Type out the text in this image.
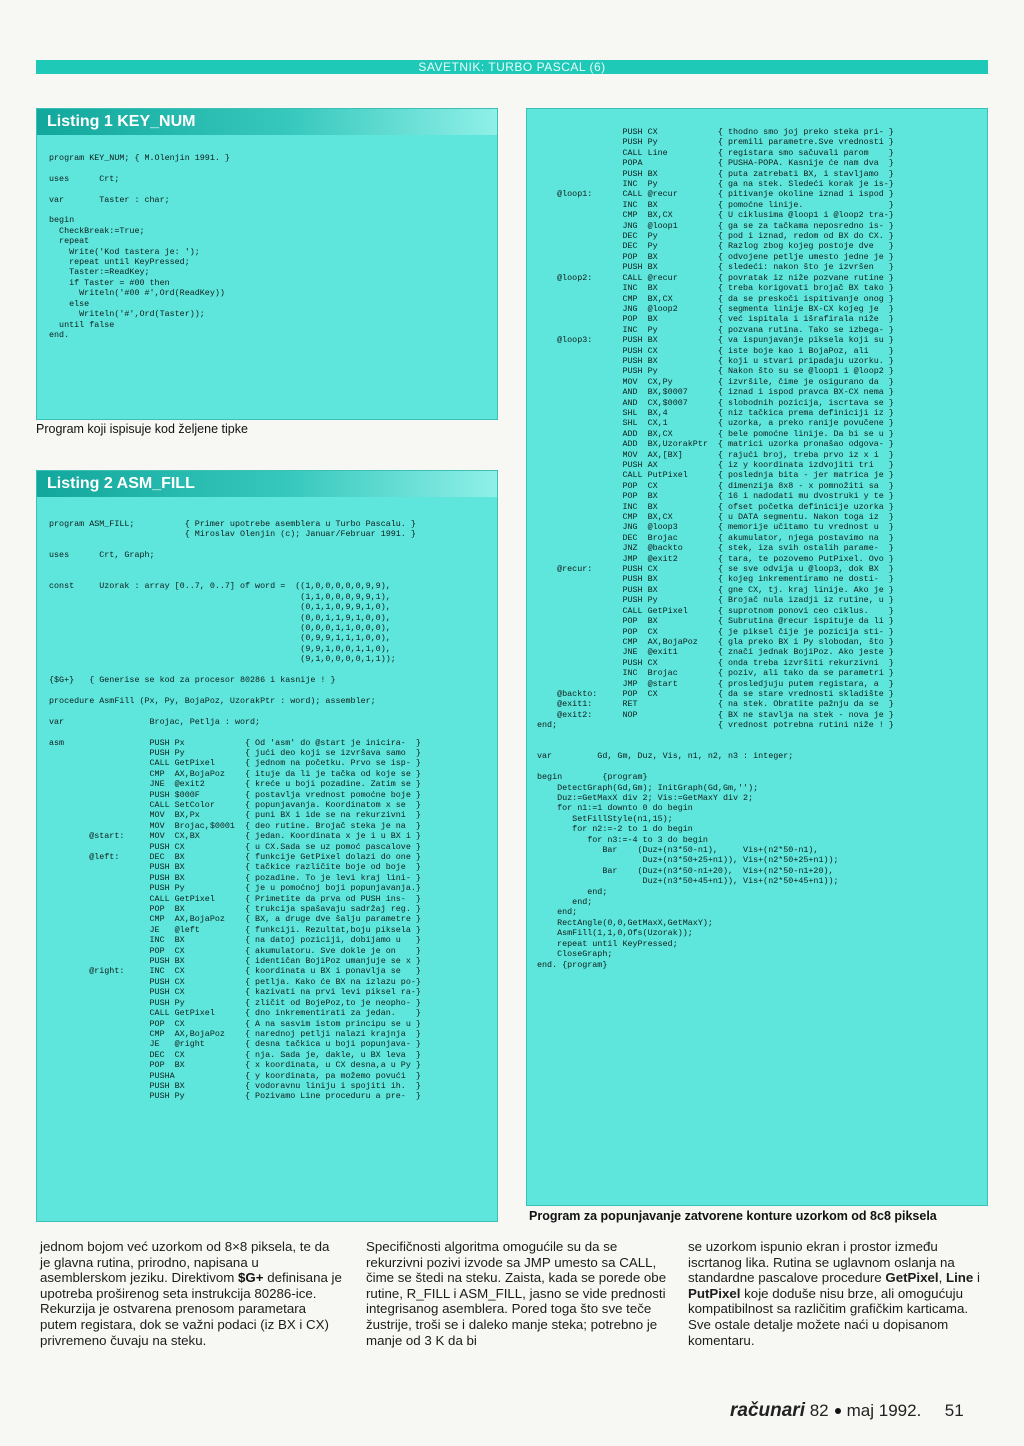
SAVETNIK: TURBO PASCAL (6)
Listing 1 KEY_NUM
program KEY_NUM; { M.Olenjin 1991. }

uses      Crt;

var       Taster : char;

begin
CheckBreak:=True;
repeat
Write('Kod tastera je: ');
repeat until KeyPressed;
Taster:=ReadKey;
if Taster = #00 then
Writeln('#00 #',Ord(ReadKey))
else
Writeln('#',Ord(Taster));
until false
end.
Program koji ispisuje kod željene tipke
Listing 2 ASM_FILL
program ASM_FILL;          { Primer upotrebe asemblera u Turbo Pascalu. }
{ Miroslav Olenjin (c); Januar/Februar 1991. }

uses      Crt, Graph;

const     Uzorak : array [0..7, 0..7] of word =  ((1,0,0,0,0,0,9,9),
(1,1,0,0,0,9,9,1),
(0,1,1,0,9,9,1,0),
(0,0,1,1,9,1,0,0),
(0,0,0,1,1,0,0,0),
(0,9,9,1,1,1,0,0),
(9,9,1,0,0,1,1,0),
(9,1,0,0,0,0,1,1));

{$G+}   { Generise se kod za procesor 80286 i kasnije ! }

procedure AsmFill (Px, Py, BojaPoz, UzorakPtr : word); assembler;

var                 Brojac, Petlja : word;

asm                 PUSH Px            { Od 'asm' do @start je inicira-  }
PUSH Py            { jući deo koji se izvršava samo  }
CALL GetPixel      { jednom na početku. Prvo se isp- }
CMP  AX,BojaPoz    { ituje da li je tačka od koje se }
JNE  @exit2        { kreće u boji pozadine. Zatim se }
PUSH $000F         { postavlja vrednost pomoćne boje }
CALL SetColor      { popunjavanja. Koordinatom x se  }
MOV  BX,Px         { puni BX i ide se na rekurzivni  }
MOV  Brojac,$0001  { deo rutine. Brojač steka je na  }
@start:     MOV  CX,BX         { jedan. Koordinata x je i u BX i }
PUSH CX            { u CX.Sada se uz pomoć pascalove }
@left:      DEC  BX            { funkcije GetPixel dolazi do one }
PUSH BX            { tačkice različite boje od boje  }
PUSH BX            { pozadine. To je levi kraj lini- }
PUSH Py            { je u pomoćnoj boji popunjavanja.}
CALL GetPixel      { Primetite da prva od PUSH ins-  }
POP  BX            { trukcija spašavaju sadržaj reg. }
CMP  AX,BojaPoz    { BX, a druge dve šalju parametre }
JE   @left         { funkciji. Rezultat,boju piksela }
INC  BX            { na datoj poziciji, dobijamo u   }
POP  CX            { akumulatoru. Sve dokle je on    }
PUSH BX            { identičan BojiPoz umanjuje se x }
@right:     INC  CX            { koordinata u BX i ponavlja se   }
PUSH CX            { petlja. Kako će BX na izlazu po-}
PUSH CX            { kazivati na prvi levi piksel ra-}
PUSH Py            { zličit od BojePoz,to je neopho- }
CALL GetPixel      { dno inkrementirati za jedan.    }
POP  CX            { A na sasvim istom principu se u }
CMP  AX,BojaPoz    { narednoj petlji nalazi krajnja  }
JE   @right        { desna tačkica u boji popunjava- }
DEC  CX            { nja. Sada je, dakle, u BX leva  }
POP  BX            { x koordinata, u CX desna,a u Py }
PUSHA              { y koordinata, pa možemo povući  }
PUSH BX            { vodoravnu liniju i spojiti ih.  }
PUSH Py            { Pozivamo Line proceduru a pre-  }
PUSH CX            { thodno smo joj preko steka pri- }
PUSH Py            { premili parametre.Sve vrednosti }
CALL Line          { registara smo sačuvali parom    }
POPA               { PUSHA-POPA. Kasnije će nam dva  }
PUSH BX            { puta zatrebati BX, i stavljamo  }
INC  Py            { ga na stek. Sledeći korak je is-}
@loop1:      CALL @recur        { pitivanje okoline iznad i ispod }
INC  BX            { pomoćne linije.                 }
CMP  BX,CX         { U ciklusima @loop1 i @loop2 tra-}
JNG  @loop1        { ga se za tačkama neposredno is- }
DEC  Py            { pod i iznad, redom od BX do CX. }
DEC  Py            { Razlog zbog kojeg postoje dve   }
POP  BX            { odvojene petlje umesto jedne je }
PUSH BX            { sledeći: nakon što je izvršen   }
@loop2:      CALL @recur        { povratak iz niže pozvane rutine }
INC  BX            { treba korigovati brojač BX tako }
CMP  BX,CX         { da se preskoči ispitivanje onog }
JNG  @loop2        { segmenta linije BX-CX kojeg je  }
POP  BX            { već ispitala i išrafirala niže  }
INC  Py            { pozvana rutina. Tako se izbega- }
@loop3:      PUSH BX            { va ispunjavanje piksela koji su }
PUSH CX            { iste boje kao i BojaPoz, ali    }
PUSH BX            { koji u stvari pripadaju uzorku. }
PUSH Py            { Nakon što su se @loop1 i @loop2 }
MOV  CX,Py         { izvršile, čime je osigurano da  }
AND  BX,$0007      { iznad i ispod pravca BX-CX nema }
AND  CX,$0007      { slobodnih pozicija, iscrtava se }
SHL  BX,4          { niz tačkica prema definiciji iz }
SHL  CX,1          { uzorka, a preko ranije povučene }
ADD  BX,CX         { bele pomoćne linije. Da bi se u }
ADD  BX,UzorakPtr  { matrici uzorka pronašao odgova- }
MOV  AX,[BX]       { rajući broj, treba prvo iz x i  }
PUSH AX            { iz y koordinata izdvojiti tri   }
CALL PutPixel      { poslednja bita - jer matrica je }
POP  CX            { dimenzija 8x8 - x pomnožiti sa  }
POP  BX            { 16 i nadodati mu dvostruki y te }
INC  BX            { ofset početka definicije uzorka }
CMP  BX,CX         { u DATA segmentu. Nakon toga iz  }
JNG  @loop3        { memorije učitamo tu vrednost u  }
DEC  Brojac        { akumulator, njega postavimo na  }
JNZ  @backto       { stek, iza svih ostalih parame-  }
JMP  @exit2        { tara, te pozovemo PutPixel. Ovo }
@recur:      PUSH CX            { se sve odvija u @loop3, dok BX  }
PUSH BX            { kojeg inkrementiramo ne dosti-  }
PUSH BX            { gne CX, tj. kraj linije. Ako je }
PUSH Py            { Brojač nula izadji iz rutine, u }
CALL GetPixel      { suprotnom ponovi ceo ciklus.    }
POP  BX            { Subrutina @recur ispituje da li }
POP  CX            { je piksel čije je pozicija sti- }
CMP  AX,BojaPoz    { gla preko BX i Py slobodan, što }
JNE  @exit1        { znači jednak BojiPoz. Ako jeste }
PUSH CX            { onda treba izvršiti rekurzivni  }
INC  Brojac        { poziv, ali tako da se parametri }
JMP  @start        { prosledjuju putem registara, a  }
@backto:     POP  CX            { da se stare vrednosti skladište }
@exit1:      RET                { na stek. Obratite pažnju da se  }
@exit2:      NOP                { BX ne stavlja na stek - nova je }
end;                                { vrednost potrebna rutini niže ! }

var         Gd, Gm, Duz, Vis, n1, n2, n3 : integer;

begin        {program}
DetectGraph(Gd,Gm); InitGraph(Gd,Gm,'');
Duz:=GetMaxX div 2; Vis:=GetMaxY div 2;
for n1:=1 downto 0 do begin
SetFillStyle(n1,15);
for n2:=-2 to 1 do begin
for n3:=-4 to 3 do begin
Bar    (Duz+(n3*50-n1),     Vis+(n2*50-n1),
Duz+(n3*50+25+n1)), Vis+(n2*50+25+n1));
Bar    (Duz+(n3*50-n1+20),  Vis+(n2*50-n1+20),
Duz+(n3*50+45+n1)), Vis+(n2*50+45+n1));
end;
end;
end;
RectAngle(0,0,GetMaxX,GetMaxY);
AsmFill(1,1,0,Ofs(Uzorak));
repeat until KeyPressed;
CloseGraph;
end. {program}
Program za popunjavanje zatvorene konture uzorkom od 8c8 piksela
jednom bojom već uzorkom od 8×8 piksela, te da je glavna rutina, prirodno, napisana u asemblerskom jeziku. Direktivom $G+ definisana je upotreba proširenog seta instrukcija 80286-ice. Rekurzija je ostvarena prenosom parametara putem registara, dok se važni podaci (iz BX i CX) privremeno čuvaju na steku.
Specifičnosti algoritma omogućile su da se rekurzivni pozivi izvode sa JMP umesto sa CALL, čime se štedi na steku. Zaista, kada se porede obe rutine, R_FILL i ASM_FILL, jasno se vide prednosti integrisanog asemblera. Pored toga što sve teče žustrije, troši se i daleko manje steka; potrebno je manje od 3 K da bi
se uzorkom ispunio ekran i prostor između iscrtanog lika. Rutina se uglavnom oslanja na standardne pascalove procedure GetPixel, Line i PutPixel koje doduše nisu brze, ali omogućuju kompatibilnost sa različitim grafičkim karticama. Sve ostale detalje možete naći u dopisanom komentaru.
računari 82 maj 1992. 51
